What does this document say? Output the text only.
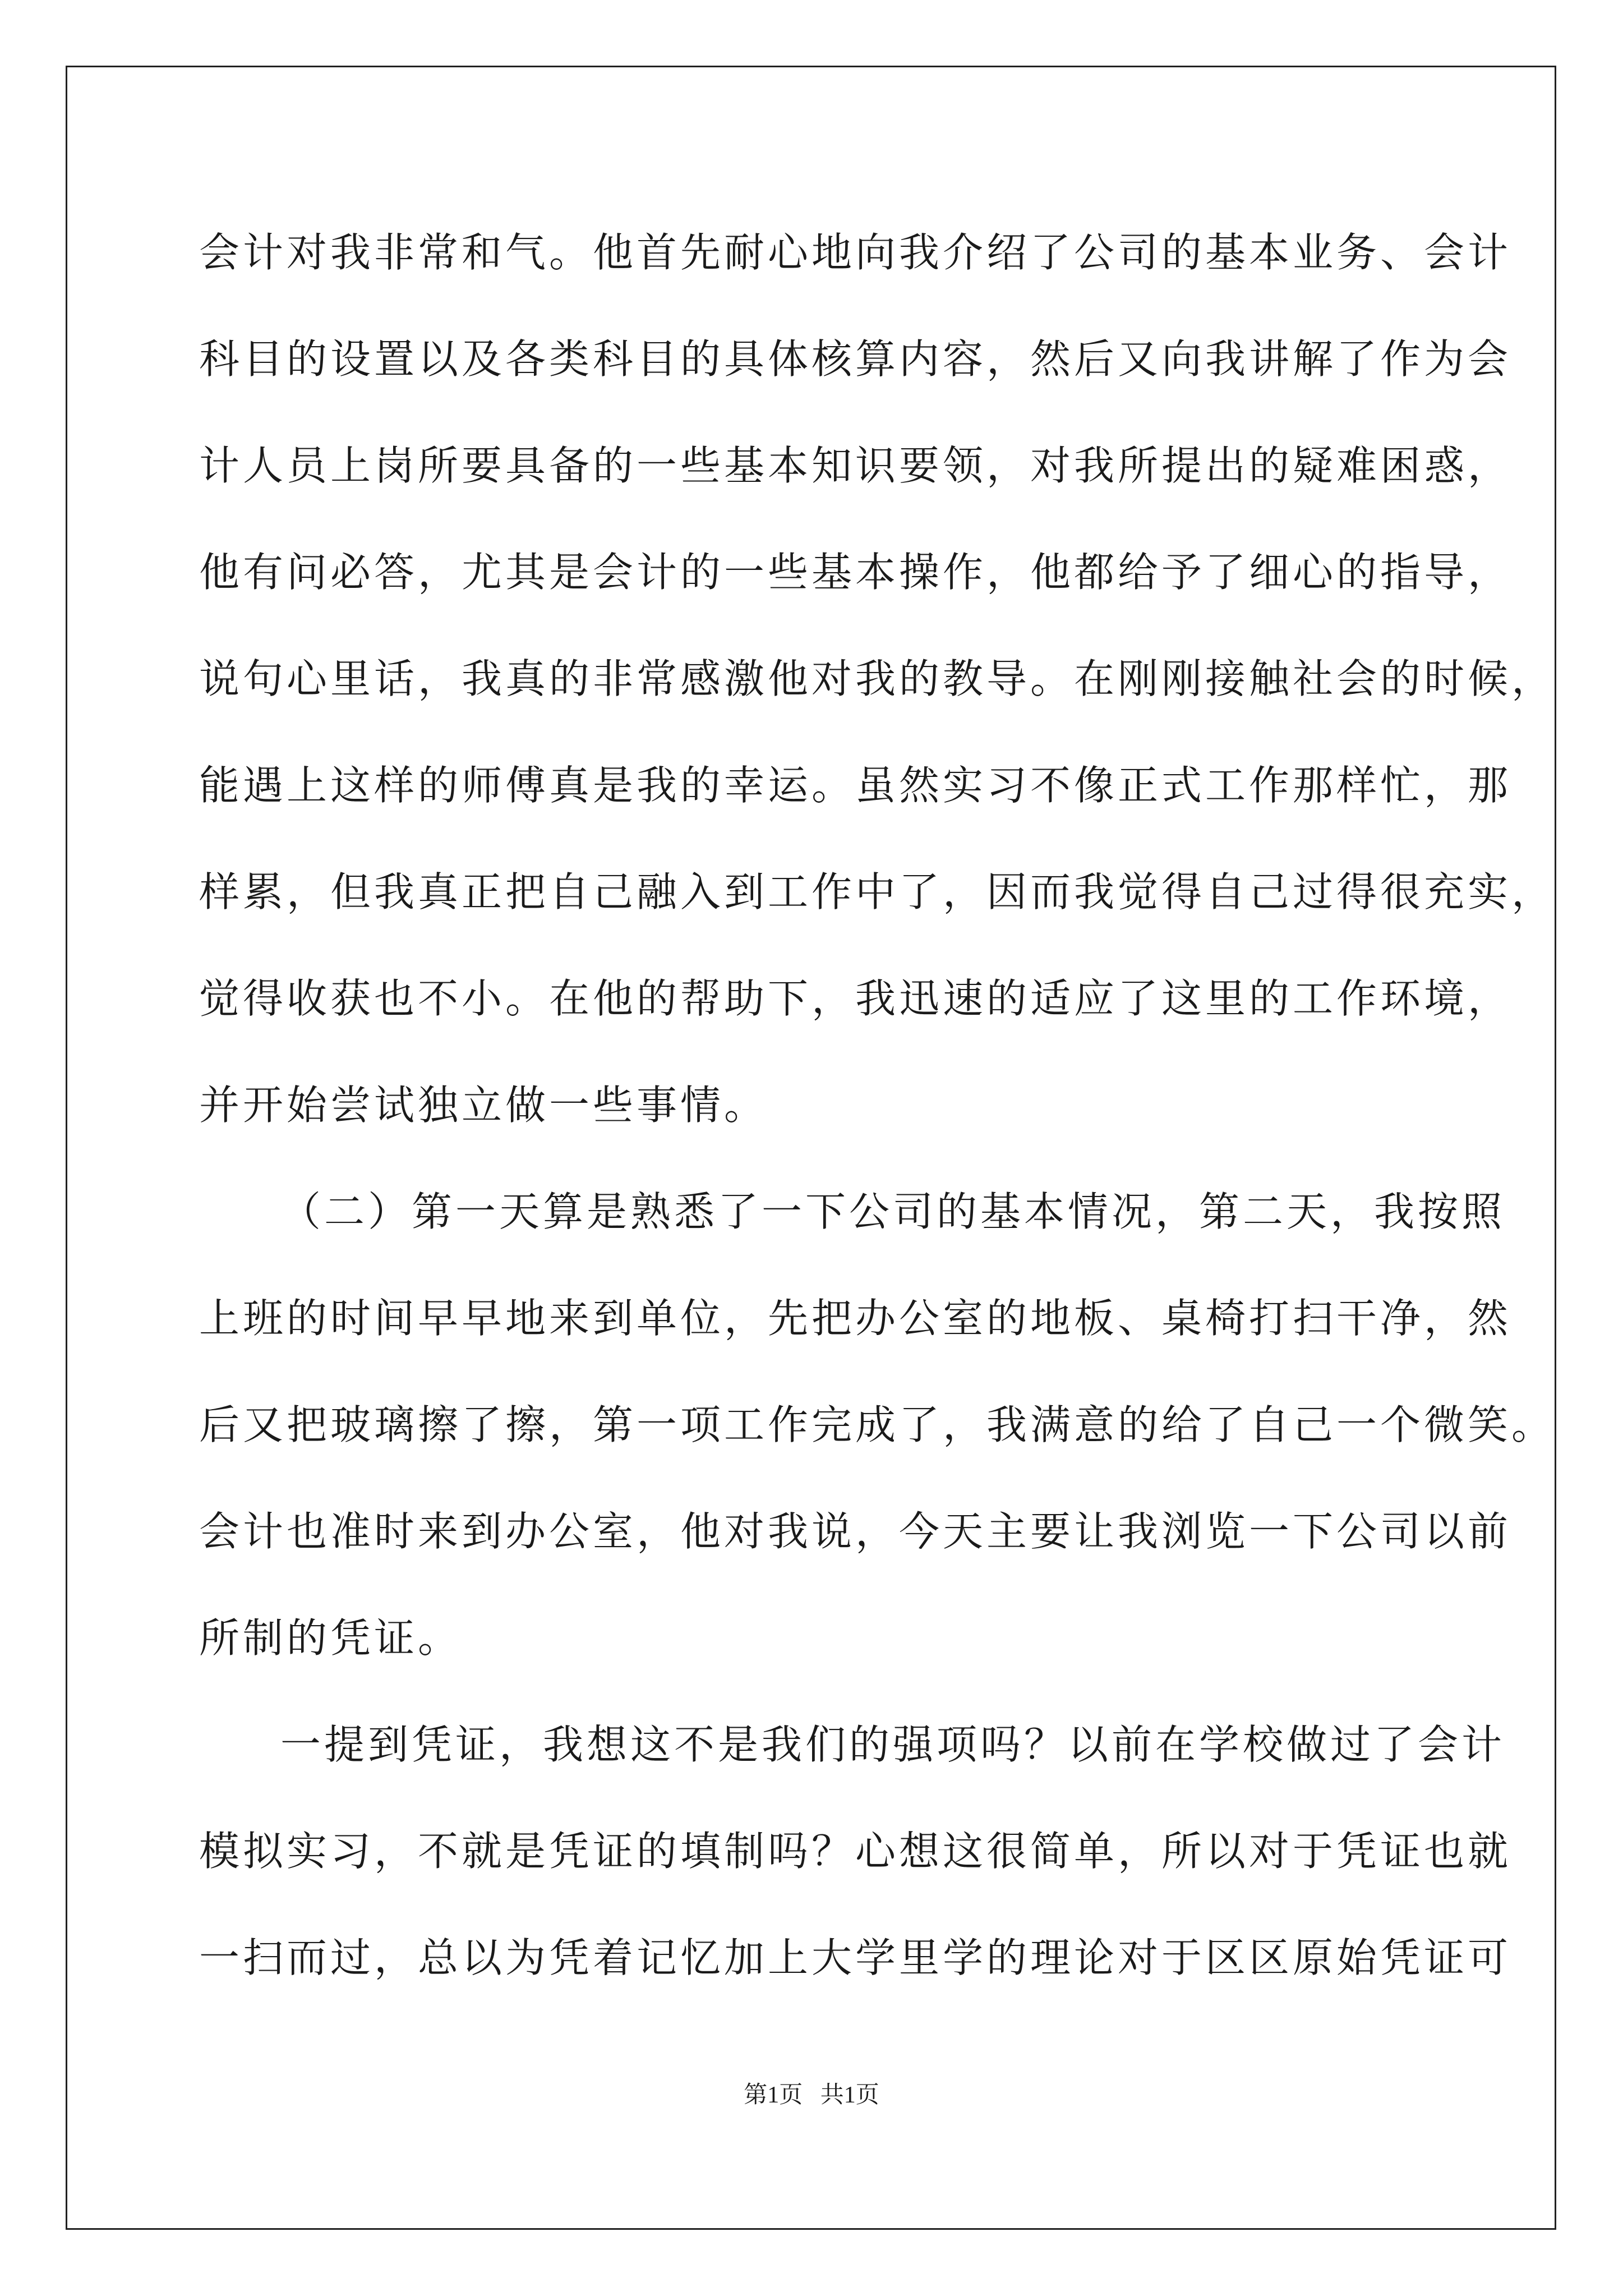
会计对我非常和气。他首先耐心地向我介绍了公司的基本业务、会计
科目的设置以及各类科目的具体核算内容，然后又向我讲解了作为会
计人员上岗所要具备的一些基本知识要领，对我所提出的疑难困惑，
他有问必答，尤其是会计的一些基本操作，他都给予了细心的指导，
说句心里话，我真的非常感激他对我的教导。在刚刚接触社会的时候，
能遇上这样的师傅真是我的幸运。虽然实习不像正式工作那样忙，那
样累，但我真正把自己融入到工作中了，因而我觉得自己过得很充实，
觉得收获也不小。在他的帮助下，我迅速的适应了这里的工作环境，
并开始尝试独立做一些事情。
（二）第一天算是熟悉了一下公司的基本情况，第二天，我按照
上班的时间早早地来到单位，先把办公室的地板、桌椅打扫干净，然
后又把玻璃擦了擦，第一项工作完成了，我满意的给了自己一个微笑。
会计也准时来到办公室，他对我说，今天主要让我浏览一下公司以前
所制的凭证。
一提到凭证，我想这不是我们的强项吗？以前在学校做过了会计
模拟实习，不就是凭证的填制吗？心想这很简单，所以对于凭证也就
一扫而过，总以为凭着记忆加上大学里学的理论对于区区原始凭证可
第1页   共1页
